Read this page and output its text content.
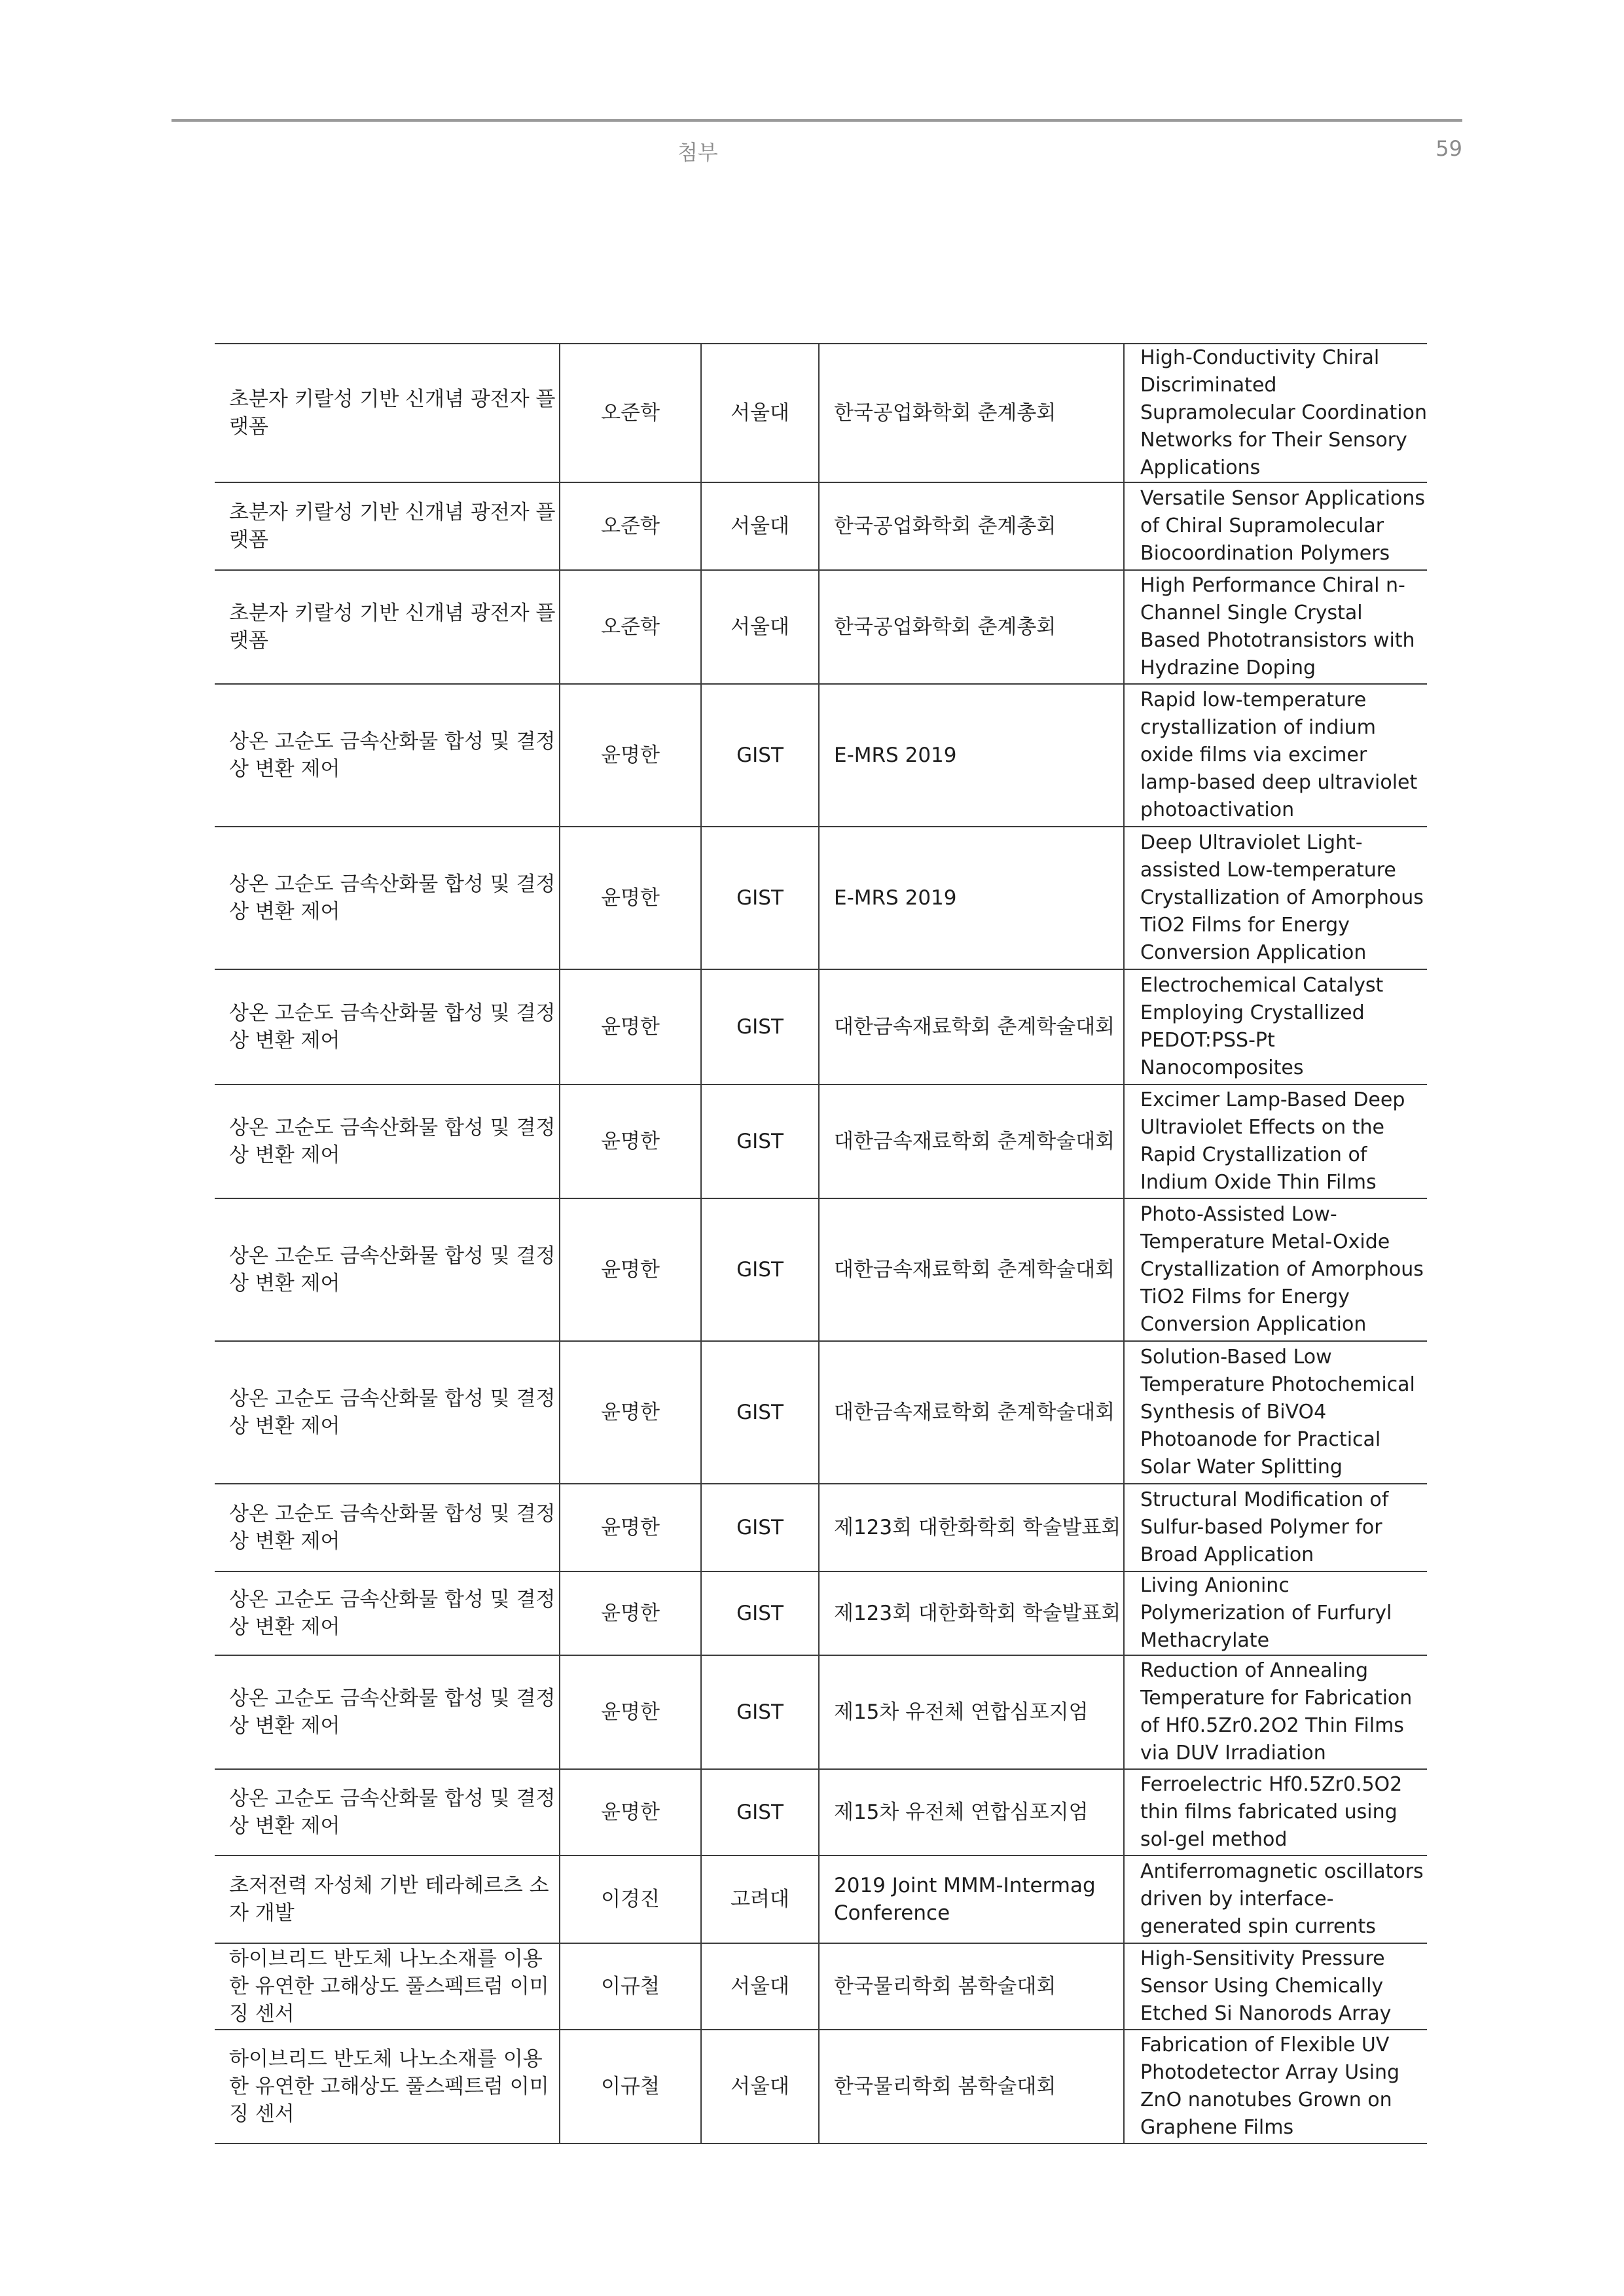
첨부	59
초분자 키랄성 기반 신개념 광전자 플랫폼	오준학	서울대	한국공업화학회 춘계총회	High-Conductivity Chiral Discriminated Supramolecular Coordination Networks for Their Sensory Applications
초분자 키랄성 기반 신개념 광전자 플랫폼	오준학	서울대	한국공업화학회 춘계총회	Versatile Sensor Applications of Chiral Supramolecular Biocoordination Polymers
초분자 키랄성 기반 신개념 광전자 플랫폼	오준학	서울대	한국공업화학회 춘계총회	High Performance Chiral n-Channel Single Crystal Based Phototransistors with Hydrazine Doping
상온 고순도 금속산화물 합성 및 결정상 변환 제어	윤명한	GIST	E-MRS 2019	Rapid low-temperature crystallization of indium oxide films via excimer lamp-based deep ultraviolet photoactivation
상온 고순도 금속산화물 합성 및 결정상 변환 제어	윤명한	GIST	E-MRS 2019	Deep Ultraviolet Light-assisted Low-temperature Crystallization of Amorphous TiO2 Films for Energy Conversion Application
상온 고순도 금속산화물 합성 및 결정상 변환 제어	윤명한	GIST	대한금속재료학회 춘계학술대회	Electrochemical Catalyst Employing Crystallized PEDOT:PSS-Pt Nanocomposites
상온 고순도 금속산화물 합성 및 결정상 변환 제어	윤명한	GIST	대한금속재료학회 춘계학술대회	Excimer Lamp-Based Deep Ultraviolet Effects on the Rapid Crystallization of Indium Oxide Thin Films
상온 고순도 금속산화물 합성 및 결정상 변환 제어	윤명한	GIST	대한금속재료학회 춘계학술대회	Photo-Assisted Low-Temperature Metal-Oxide Crystallization of Amorphous TiO2 Films for Energy Conversion Application
상온 고순도 금속산화물 합성 및 결정상 변환 제어	윤명한	GIST	대한금속재료학회 춘계학술대회	Solution-Based Low Temperature Photochemical Synthesis of BiVO4 Photoanode for Practical Solar Water Splitting
상온 고순도 금속산화물 합성 및 결정상 변환 제어	윤명한	GIST	제123회 대한화학회 학술발표회	Structural Modification of Sulfur-based Polymer for Broad Application
상온 고순도 금속산화물 합성 및 결정상 변환 제어	윤명한	GIST	제123회 대한화학회 학술발표회	Living Anioninc Polymerization of Furfuryl Methacrylate
상온 고순도 금속산화물 합성 및 결정상 변환 제어	윤명한	GIST	제15차 유전체 연합심포지엄	Reduction of Annealing Temperature for Fabrication of Hf0.5Zr0.2O2 Thin Films via DUV Irradiation
상온 고순도 금속산화물 합성 및 결정상 변환 제어	윤명한	GIST	제15차 유전체 연합심포지엄	Ferroelectric Hf0.5Zr0.5O2 thin films fabricated using sol-gel method
초저전력 자성체 기반 테라헤르츠 소자 개발	이경진	고려대	2019 Joint MMM-Intermag Conference	Antiferromagnetic oscillators driven by interface-generated spin currents
하이브리드 반도체 나노소재를 이용한 유연한 고해상도 풀스펙트럼 이미징 센서	이규철	서울대	한국물리학회 봄학술대회	High-Sensitivity Pressure Sensor Using Chemically Etched Si Nanorods Array
하이브리드 반도체 나노소재를 이용한 유연한 고해상도 풀스펙트럼 이미징 센서	이규철	서울대	한국물리학회 봄학술대회	Fabrication of Flexible UV Photodetector Array Using ZnO nanotubes Grown on Graphene Films
